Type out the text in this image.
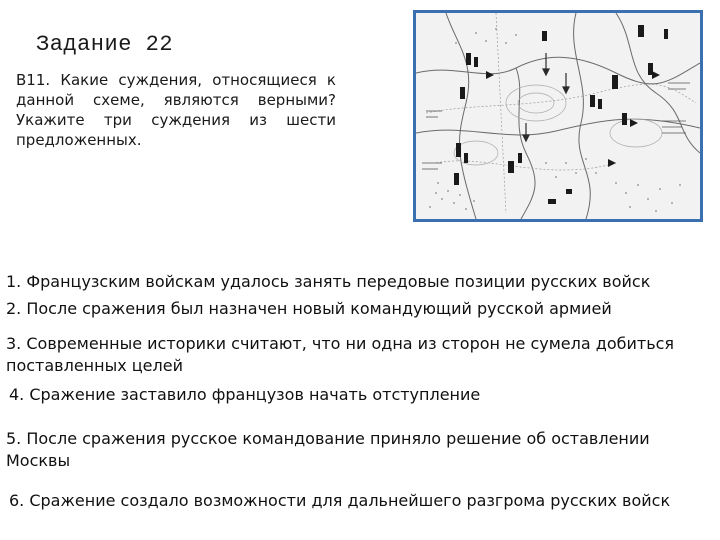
Задание 22
В11. Какие суждения, относящиеся к данной схеме, являются верными? Укажите три суждения из шести предложенных.
1. Французским войскам удалось занять передовые позиции русских войск
2. После сражения был назначен новый командующий русской армией
3. Современные историки считают, что ни одна из сторон не сумела добиться поставленных целей
4. Сражение заставило французов начать отступление
5. После сражения русское командование приняло решение об оставлении Москвы
6. Сражение создало возможности для дальнейшего разгрома русских войск
